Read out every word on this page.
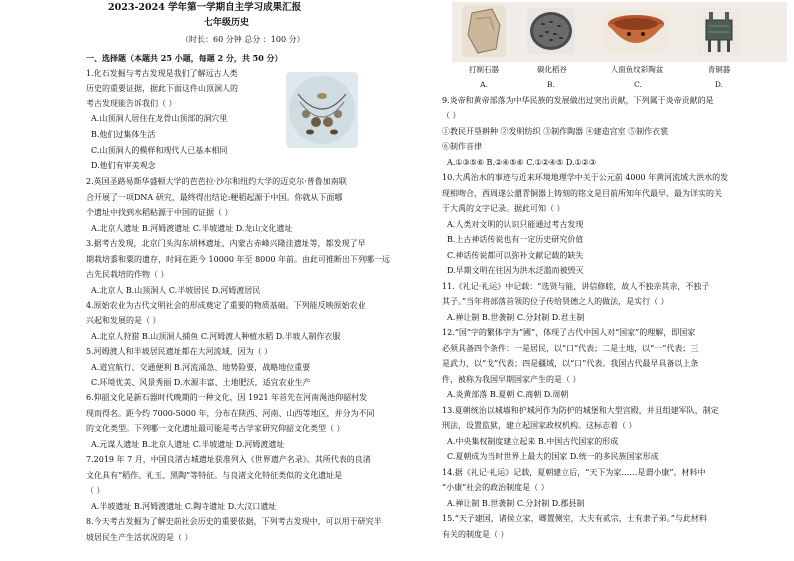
2023-2024 学年第一学期自主学习成果汇报
七年级历史
（时长：60 分钟 总分 ：100 分）
一、选择题（本题共 25 小题，每题 2 分，共 50 分）
1.化石发掘与考古发现是我们了解远古人类
历史的重要证据，据此下面这件山顶洞人的
考古发现能告诉我们（ ）
A.山顶洞人居住在龙骨山顶部的洞穴里
B.他们过集体生活
C.山顶洞人的模样和现代人已基本相同
D.他们有审美观念
2.英国圣路易斯华盛顿大学的芭芭拉·沙尔和纽约大学的迈克尔·普鲁加南联
合开展了一项DNA 研究，最终得出结论:粳稻起源于中国。你就从下面哪
个遗址中找到水稻粘源于中国的证据（ ）
A.北京人遗址 B.河姆渡遗址 C.半坡遗址 D.龙山文化遗址
3.据考古发现，北京门头沟东胡林遗址、内蒙古赤峰兴隆洼遗址等，都发现了早
期栽培黍和粟的遗存，时间在距今 10000 年至 8000 年前。由此可推断出下列哪一远
古先民栽培的作物（ ）
A.北京人 B.山顶洞人 C.半坡居民 D.河姆渡居民
4.原始农业为古代文明社会的形成奠定了重要的物质基础。下列能反映原始农业
兴起和发展的是（ ）
A.北京人狩猎 B.山顶洞人捕鱼 C.河姆渡人种植水稻 D.半坡人制作衣服
5.河姆渡人和半坡居民遗址都在大河流域，因为（ ）
A.道宜航行、交通便利 B.河流涌急、地势险要，战略地位重要
C.环境优美、风景秀丽 D.水源丰富、土地肥沃，适宜农业生产
6.仰韶文化是新石器时代晚期的一种文化，因 1921 年首先在河南渑池仰韶村发
现而得名。距今约 7000-5000 年，分布在陕西、河南、山西等地区，并分为不同
的文化类型。下列哪一文化遗址最可能是考古学家研究仰韶文化类型（ ）
A.元谋人遗址 B.北京人遗址 C.半坡遗址 D.河姆渡遗址
7.2019 年 7 月，中国良渚古城遗址获准列入《世界遗产名录》。其所代表的良渚
文化具有“稻作、礼玉、黑陶”等特征。与良渚文化特征类似的文化遗址是
（ ）
A.半坡遗址 B.河姆渡遗址 C.陶寺遗址 D.大汶口遗址
8.今天考古发掘为了解史前社会历史的重要依据，下列考古发现中，可以用于研究半
坡居民生产生活状况的是（ ）
打制石器	碳化稻谷	人面鱼纹彩陶盆	青铜器
A.	B.	C.	D.
9.炎帝和黄帝部落为中华民族的发展做出过突出贡献，下列属于炎帝贡献的是
（ ）
①教民开垦耕种 ②发明纺织 ③制作陶器 ④建造宫室 ⑤制作衣裳
⑥制作音律
A.①③⑤⑥ B.②④⑤⑥ C.①②④⑤ D.①②③
10.大禹治水的事迹与近来环境地理学中关于公元前 4000 年黄河流域大洪水的发
现相吻合，西周遂公盨青铜器上铸刻的铭文是目前所知年代最早、最为详实的关
于大禹的文字记录。据此可知（ ）
A.人类对文明的认识只能通过考古发现
B.上古神话传说也有一定历史研究价值
C.神话传说都可以弥补文献记载的缺失
D.早期文明在往因为洪水泛滥而被毁灭
11.《礼记·礼运》中记载：“选贤与能，讲信修睦，故人不独亲其亲，不独子
其子。”当年将部落首领的位子传给贤德之人的做法，是实行（ ）
A.禅让制 B.世袭制 C.分封制 D.君主制
12.“国”字的繁体字为“國”，体现了古代中国人对“国家”的理解，即国家
必须具备四个条件：一是居民，以“口”代表；二是土地，以“一”代表；三
是武力，以“戈”代表；四是疆域，以“口”代表。我国古代最早具备以上条
件，被称为我国早期国家产生的是（ ）
A.炎黄部落 B.夏朝 C.商朝 D.周朝
13.夏朝统治以城墙和护城河作为防护的城堡和大型宫殿，并且组建军队，制定
刑法，设置监狱，建立起国家政权机构。这标志着（ ）
A.中央集权制度建立起来 B.中国古代国家的形成
C.夏朝成为当时世界上最大的国家 D.统一的多民族国家形成
14.据《礼记·礼运》记载，夏朝建立后，“天下为家……是谓小康”。材料中
“小康”社会的政治制度是（ ）
A.禅让制 B.世袭制 C.分封制 D.郡县制
15.“天子建国，诸侯立家，卿置侧室，大夫有贰宗，士有隶子弟。”与此材料
有关的制度是（ ）
